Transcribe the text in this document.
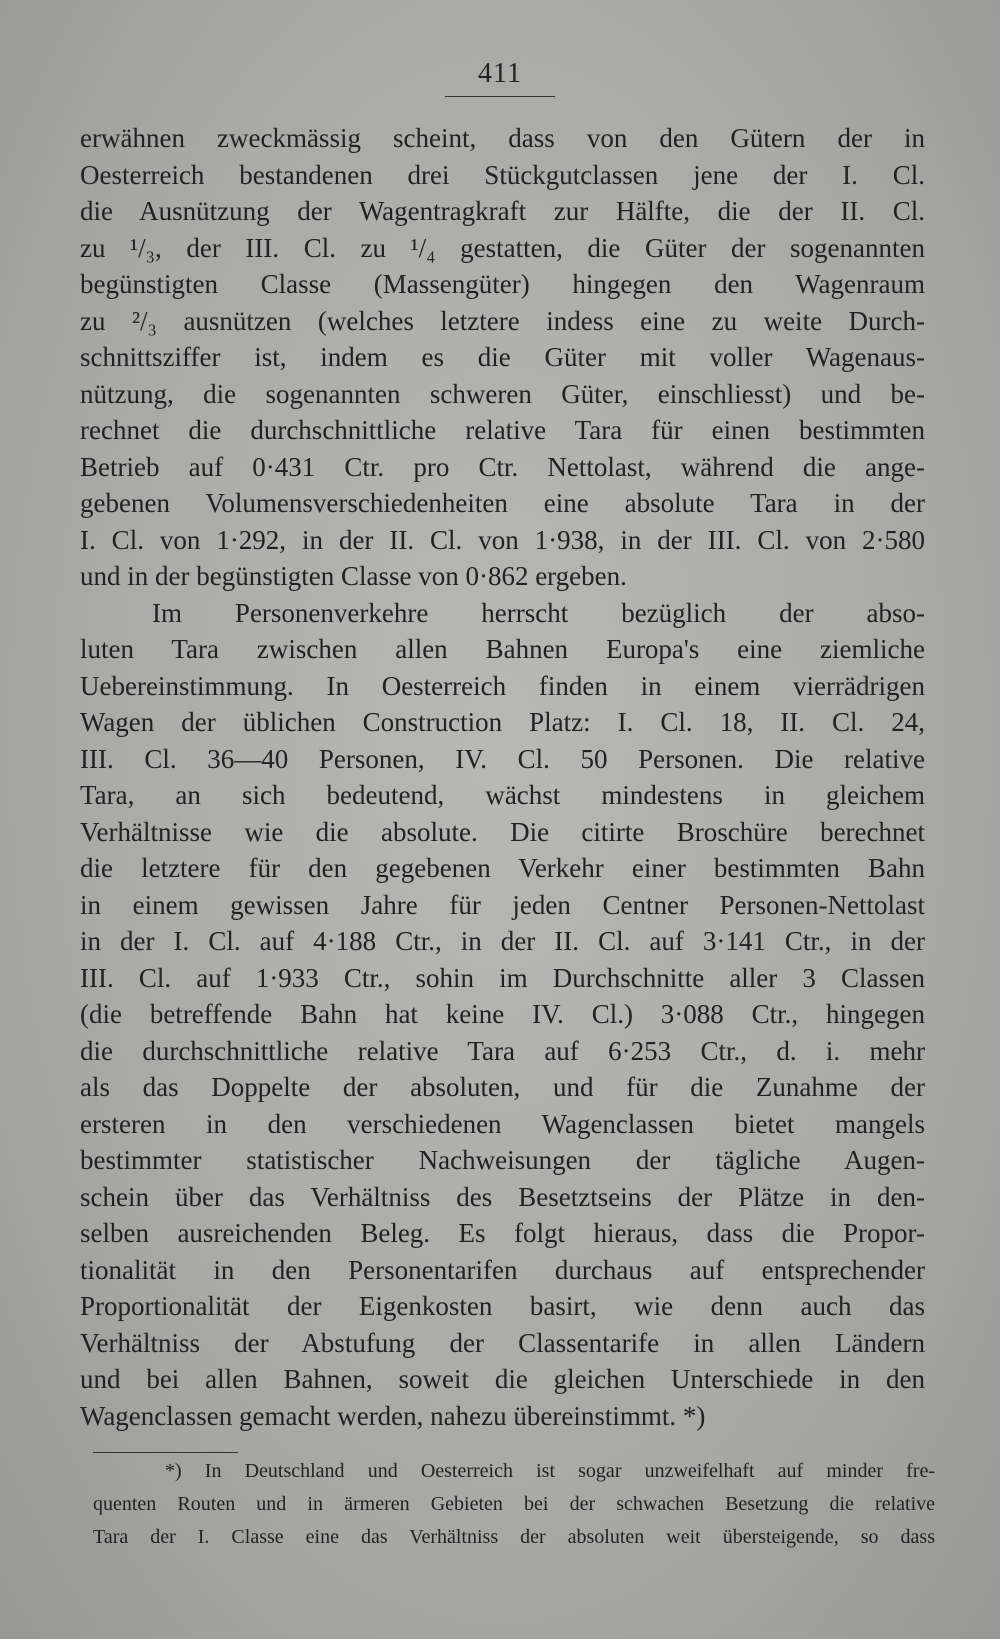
411
erwähnen zweckmässig scheint, dass von den Gütern der in
Oesterreich bestandenen drei Stückgutclassen jene der I. Cl.
die Ausnützung der Wagentragkraft zur Hälfte, die der II. Cl.
zu ¹/₃, der III. Cl. zu ¹/₄ gestatten, die Güter der sogenannten
begünstigten Classe (Massengüter) hingegen den Wagenraum
zu ²/₃ ausnützen (welches letztere indess eine zu weite Durch-
schnittsziffer ist, indem es die Güter mit voller Wagenaus-
nützung, die sogenannten schweren Güter, einschliesst) und be-
rechnet die durchschnittliche relative Tara für einen bestimmten
Betrieb auf 0·431 Ctr. pro Ctr. Nettolast, während die ange-
gebenen Volumensverschiedenheiten eine absolute Tara in der
I. Cl. von 1·292, in der II. Cl. von 1·938, in der III. Cl. von 2·580
und in der begünstigten Classe von 0·862 ergeben.
Im Personenverkehre herrscht bezüglich der abso-
luten Tara zwischen allen Bahnen Europa's eine ziemliche
Uebereinstimmung. In Oesterreich finden in einem vierrädrigen
Wagen der üblichen Construction Platz: I. Cl. 18, II. Cl. 24,
III. Cl. 36—40 Personen, IV. Cl. 50 Personen. Die relative
Tara, an sich bedeutend, wächst mindestens in gleichem
Verhältnisse wie die absolute. Die citirte Broschüre berechnet
die letztere für den gegebenen Verkehr einer bestimmten Bahn
in einem gewissen Jahre für jeden Centner Personen-Nettolast
in der I. Cl. auf 4·188 Ctr., in der II. Cl. auf 3·141 Ctr., in der
III. Cl. auf 1·933 Ctr., sohin im Durchschnitte aller 3 Classen
(die betreffende Bahn hat keine IV. Cl.) 3·088 Ctr., hingegen
die durchschnittliche relative Tara auf 6·253 Ctr., d. i. mehr
als das Doppelte der absoluten, und für die Zunahme der
ersteren in den verschiedenen Wagenclassen bietet mangels
bestimmter statistischer Nachweisungen der tägliche Augen-
schein über das Verhältniss des Besetztseins der Plätze in den-
selben ausreichenden Beleg. Es folgt hieraus, dass die Propor-
tionalität in den Personentarifen durchaus auf entsprechender
Proportionalität der Eigenkosten basirt, wie denn auch das
Verhältniss der Abstufung der Classentarife in allen Ländern
und bei allen Bahnen, soweit die gleichen Unterschiede in den
Wagenclassen gemacht werden, nahezu übereinstimmt. *)
*) In Deutschland und Oesterreich ist sogar unzweifelhaft auf minder fre-
quenten Routen und in ärmeren Gebieten bei der schwachen Besetzung die relative
Tara der I. Classe eine das Verhältniss der absoluten weit übersteigende, so dass
